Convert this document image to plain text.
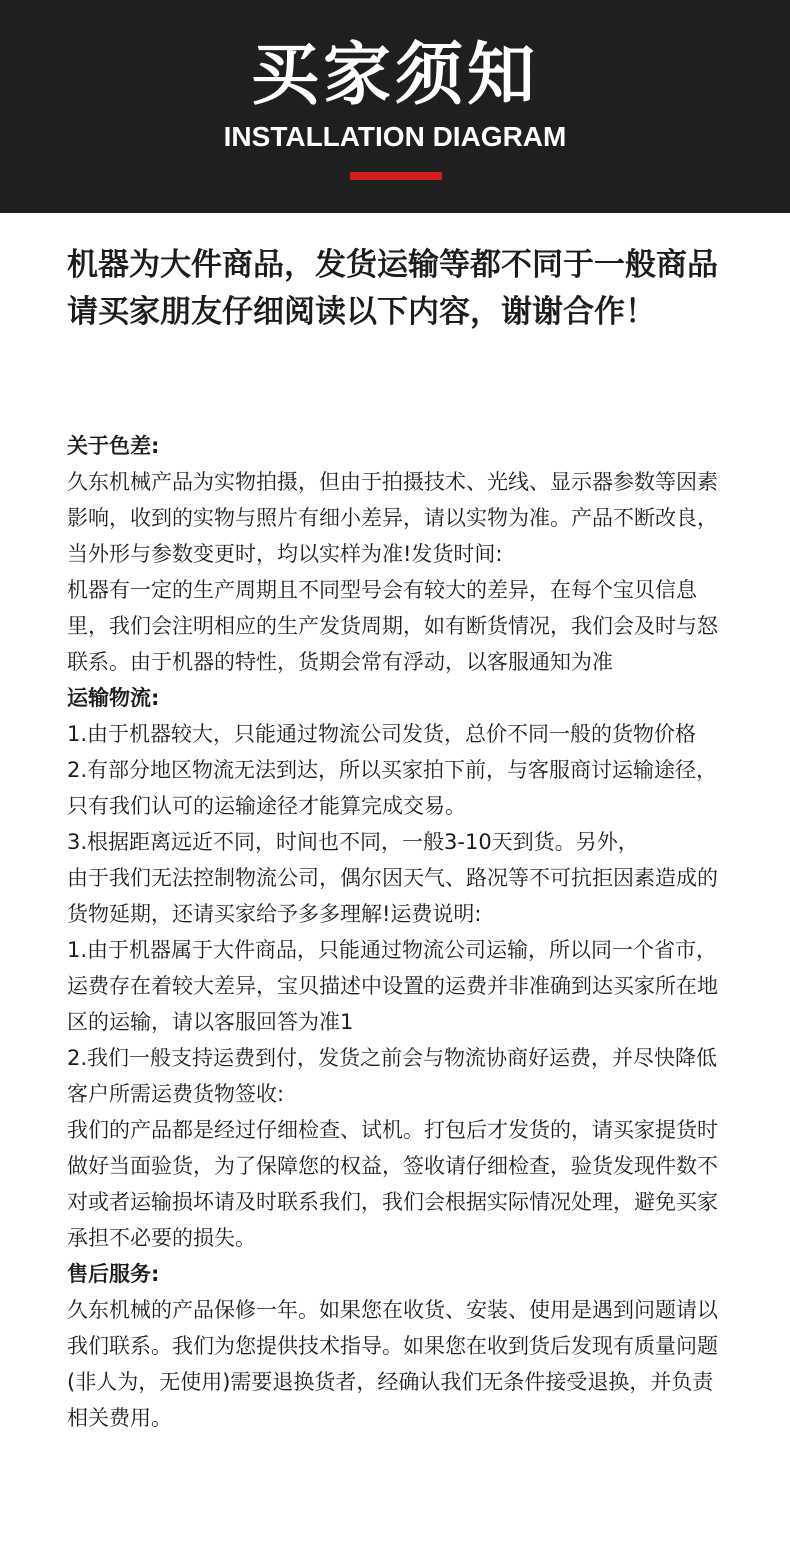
买家须知
INSTALLATION DIAGRAM

机器为大件商品，发货运输等都不同于一般商品请买家朋友仔细阅读以下内容，谢谢合作！

关于色差:

久东机械产品为实物拍摄，但由于拍摄技术、光线、显示器参数等因素影响，收到的实物与照片有细小差异，请以实物为准。产品不断改良，当外形与参数变更时，均以实样为准!发货时间:

机器有一定的生产周期且不同型号会有较大的差异，在每个宝贝信息里，我们会注明相应的生产发货周期，如有断货情况，我们会及时与怒联系。由于机器的特性，货期会常有浮动，以客服通知为准

运输物流:

1.由于机器较大，只能通过物流公司发货，总价不同一般的货物价格

2.有部分地区物流无法到达，所以买家拍下前，与客服商讨运输途径，只有我们认可的运输途径才能算完成交易。

3.根据距离远近不同，时间也不同，一般3-10天到货。另外，

由于我们无法控制物流公司，偶尔因天气、路况等不可抗拒因素造成的货物延期，还请买家给予多多理解!运费说明:

1.由于机器属于大件商品，只能通过物流公司运输，所以同一个省市，运费存在着较大差异，宝贝描述中设置的运费并非准确到达买家所在地区的运输，请以客服回答为准1

2.我们一般支持运费到付，发货之前会与物流协商好运费，并尽快降低客户所需运费货物签收:

我们的产品都是经过仔细检查、试机。打包后才发货的，请买家提货时做好当面验货，为了保障您的权益，签收请仔细检查，验货发现件数不对或者运输损坏请及时联系我们，我们会根据实际情况处理，避免买家承担不必要的损失。

售后服务:

久东机械的产品保修一年。如果您在收货、安装、使用是遇到问题请以我们联系。我们为您提供技术指导。如果您在收到货后发现有质量问题(非人为，无使用)需要退换货者，经确认我们无条件接受退换，并负责相关费用。
